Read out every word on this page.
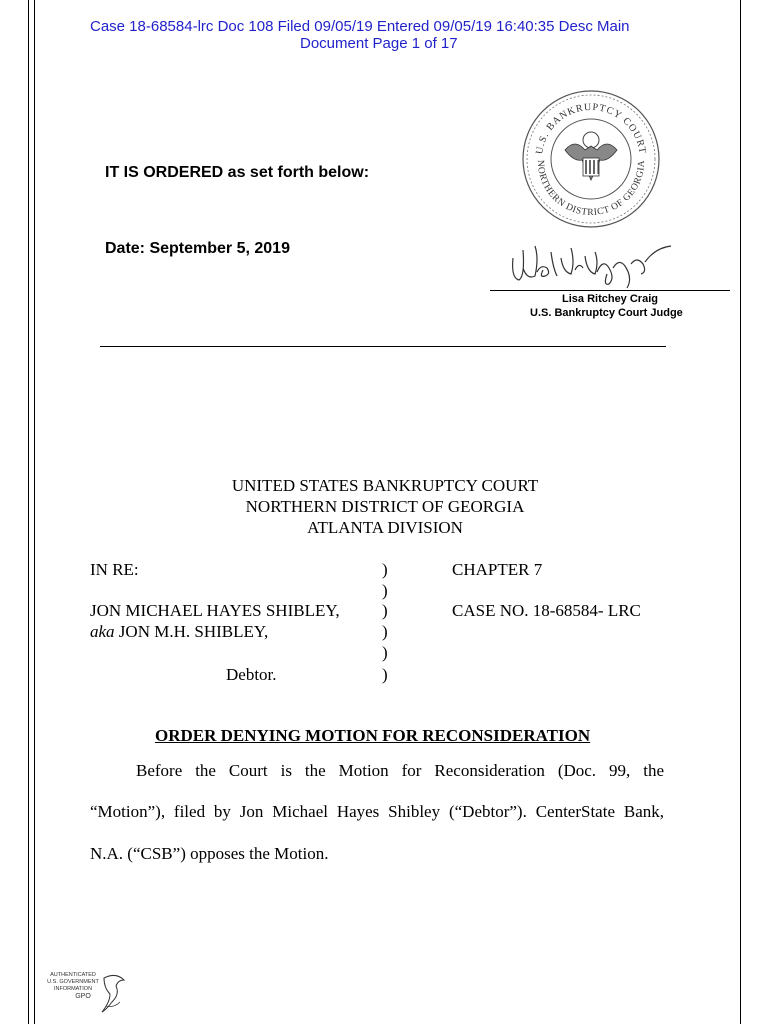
Case 18-68584-lrc Doc 108 Filed 09/05/19 Entered 09/05/19 16:40:35 Desc Main
Document Page 1 of 17
U.S. BANKRUPTCY COURT
NORTHERN DISTRICT OF GEORGIA
IT IS ORDERED as set forth below:
Date: September 5, 2019
Lisa Ritchey Craig
U.S. Bankruptcy Court Judge
UNITED STATES BANKRUPTCY COURT
NORTHERN DISTRICT OF GEORGIA
ATLANTA DIVISION
IN RE:
JON MICHAEL HAYES SHIBLEY,
aka JON M.H. SHIBLEY,
Debtor.
)
)
)
)
)
)
CHAPTER 7
CASE NO. 18-68584- LRC
ORDER DENYING MOTION FOR RECONSIDERATION
Before the Court is the Motion for Reconsideration (Doc. 99, the
“Motion”), filed by Jon Michael Hayes Shibley (“Debtor”). CenterState Bank,
N.A. (“CSB”) opposes the Motion.
AUTHENTICATED
U.S. GOVERNMENT
INFORMATION
GPO
